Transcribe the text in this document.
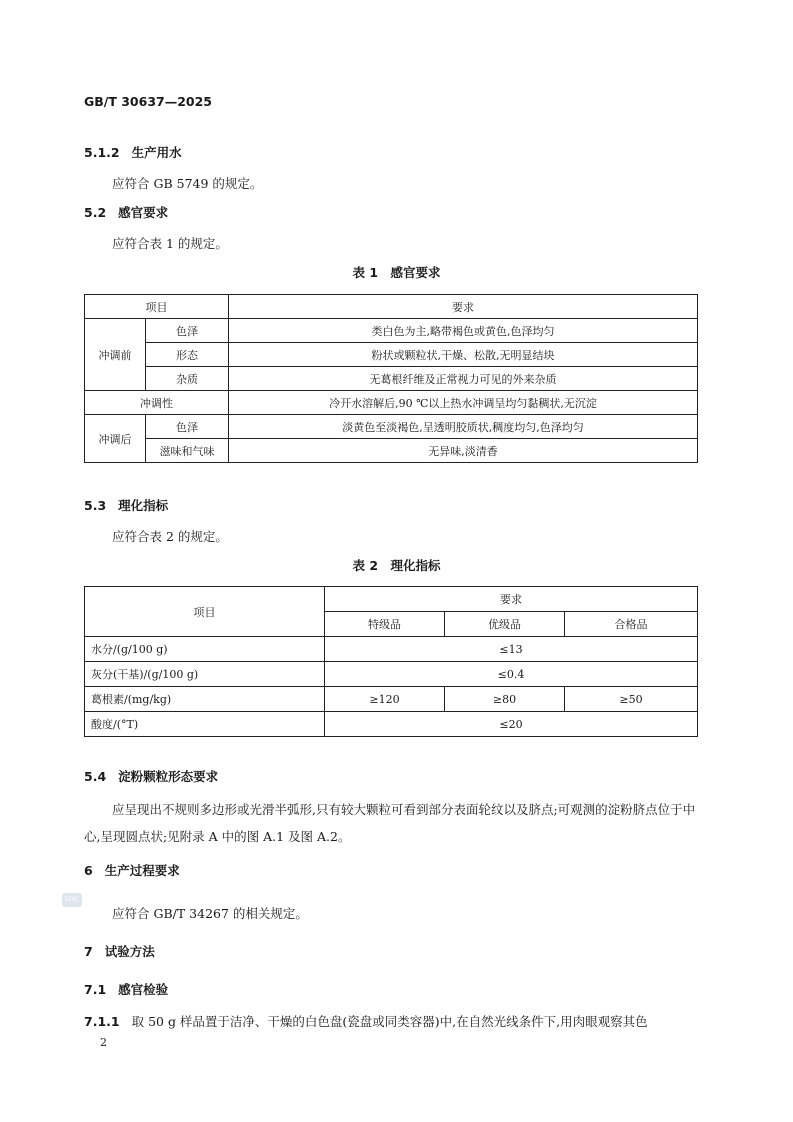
GB/T 30637—2025
5.1.2 生产用水
应符合 GB 5749 的规定。
5.2 感官要求
应符合表 1 的规定。
表 1　感官要求
项目		要求
冲调前	色泽	类白色为主,略带褐色或黄色,色泽均匀
	形态	粉状或颗粒状,干燥、松散,无明显结块
	杂质	无葛根纤维及正常视力可见的外来杂质
冲调性		冷开水溶解后,90 ℃以上热水冲调呈均匀黏稠状,无沉淀
冲调后	色泽	淡黄色至淡褐色,呈透明胶质状,稠度均匀,色泽均匀
	滋味和气味	无异味,淡清香
5.3 理化指标
应符合表 2 的规定。
表 2　理化指标
项目	要求		
	特级品	优级品	合格品
水分/(g/100 g)	≤13		
灰分(干基)/(g/100 g)	≤0.4		
葛根素/(mg/kg)	≥120	≥80	≥50
酸度/(°T)	≤20		
5.4 淀粉颗粒形态要求
应呈现出不规则多边形或光滑半弧形,只有较大颗粒可看到部分表面轮纹以及脐点;可观测的淀粉脐点位于中心,呈现圆点状;见附录 A 中的图 A.1 及图 A.2。
6 生产过程要求
SDIC
应符合 GB/T 34267 的相关规定。
7 试验方法
7.1 感官检验
7.1.1 取 50 g 样品置于洁净、干燥的白色盘(瓷盘或同类容器)中,在自然光线条件下,用肉眼观察其色
2
